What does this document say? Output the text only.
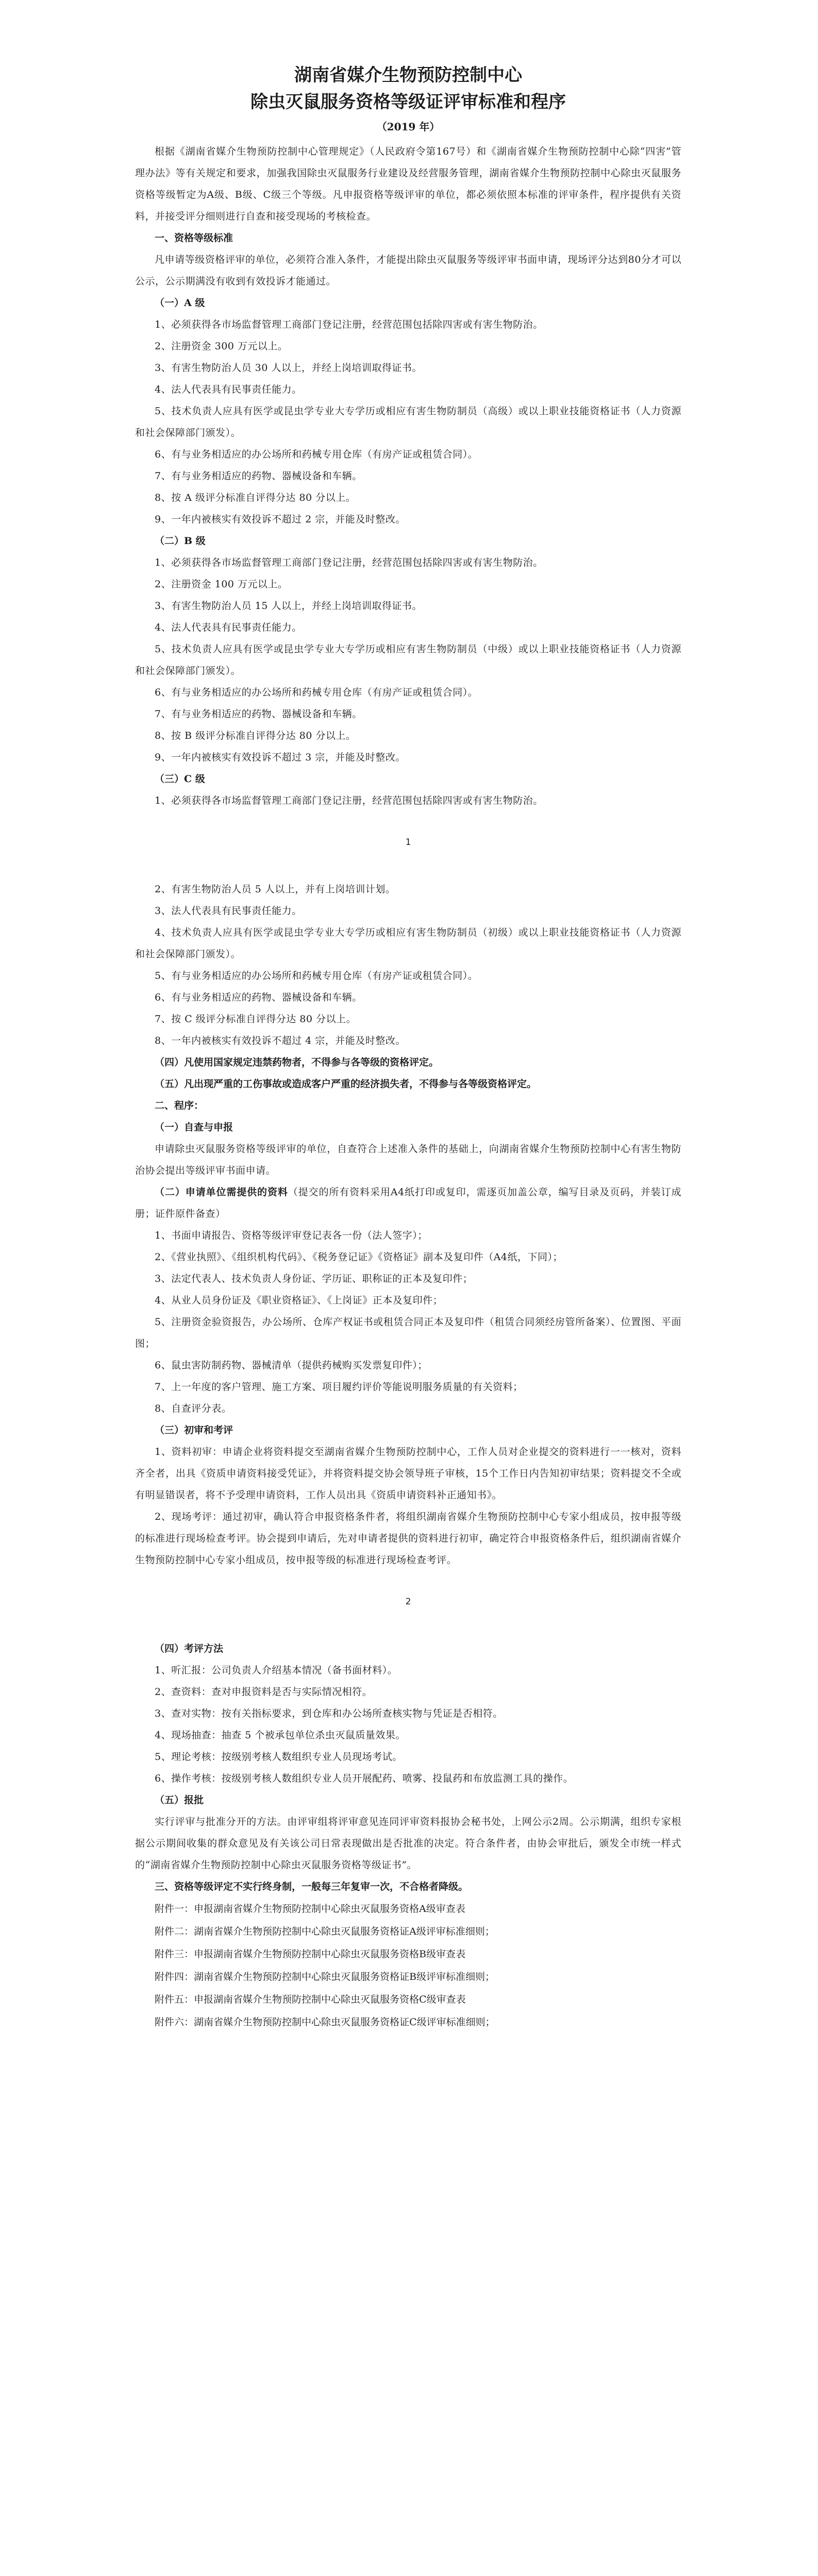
湖南省媒介生物预防控制中心
除虫灭鼠服务资格等级证评审标准和程序
（2019 年）

根据《湖南省媒介生物预防控制中心管理规定》（人民政府令第167号）和《湖南省媒介生物预防控制中心除“四害”管理办法》等有关规定和要求，加强我国除虫灭鼠服务行业建设及经营服务管理，湖南省媒介生物预防控制中心除虫灭鼠服务资格等级暂定为A级、B级、C级三个等级。凡申报资格等级评审的单位，都必须依照本标准的评审条件，程序提供有关资料，并接受评分细则进行自查和接受现场的考核检查。

一、资格等级标准

凡申请等级资格评审的单位，必须符合准入条件，才能提出除虫灭鼠服务等级评审书面申请，现场评分达到80分才可以公示，公示期满没有收到有效投诉才能通过。

（一）A 级

1、必须获得各市场监督管理工商部门登记注册，经营范围包括除四害或有害生物防治。

2、注册资金 300 万元以上。

3、有害生物防治人员 30 人以上，并经上岗培训取得证书。

4、法人代表具有民事责任能力。

5、技术负责人应具有医学或昆虫学专业大专学历或相应有害生物防制员（高级）或以上职业技能资格证书（人力资源和社会保障部门颁发）。

6、有与业务相适应的办公场所和药械专用仓库（有房产证或租赁合同）。

7、有与业务相适应的药物、器械设备和车辆。

8、按 A 级评分标准自评得分达 80 分以上。

9、一年内被核实有效投诉不超过 2 宗，并能及时整改。

（二）B 级

1、必须获得各市场监督管理工商部门登记注册，经营范围包括除四害或有害生物防治。

2、注册资金 100 万元以上。

3、有害生物防治人员 15 人以上，并经上岗培训取得证书。

4、法人代表具有民事责任能力。

5、技术负责人应具有医学或昆虫学专业大专学历或相应有害生物防制员（中级）或以上职业技能资格证书（人力资源和社会保障部门颁发）。

6、有与业务相适应的办公场所和药械专用仓库（有房产证或租赁合同）。

7、有与业务相适应的药物、器械设备和车辆。

8、按 B 级评分标准自评得分达 80 分以上。

9、一年内被核实有效投诉不超过 3 宗，并能及时整改。

（三）C 级

1、必须获得各市场监督管理工商部门登记注册，经营范围包括除四害或有害生物防治。

1

2、有害生物防治人员 5 人以上，并有上岗培训计划。

3、法人代表具有民事责任能力。

4、技术负责人应具有医学或昆虫学专业大专学历或相应有害生物防制员（初级）或以上职业技能资格证书（人力资源和社会保障部门颁发）。

5、有与业务相适应的办公场所和药械专用仓库（有房产证或租赁合同）。

6、有与业务相适应的药物、器械设备和车辆。

7、按 C 级评分标准自评得分达 80 分以上。

8、一年内被核实有效投诉不超过 4 宗，并能及时整改。

（四）凡使用国家规定违禁药物者，不得参与各等级的资格评定。

（五）凡出现严重的工伤事故或造成客户严重的经济损失者，不得参与各等级资格评定。

二、程序：

（一）自查与申报

申请除虫灭鼠服务资格等级评审的单位，自查符合上述准入条件的基础上，向湖南省媒介生物预防控制中心有害生物防治协会提出等级评审书面申请。

（二）申请单位需提供的资料（提交的所有资料采用A4纸打印或复印，需逐页加盖公章，编写目录及页码，并装订成册；证件原件备查）

1、书面申请报告、资格等级评审登记表各一份（法人签字）；

2、《营业执照》、《组织机构代码》、《税务登记证》《资格证》副本及复印件（A4纸，下同）；

3、法定代表人、技术负责人身份证、学历证、职称证的正本及复印件；

4、从业人员身份证及《职业资格证》、《上岗证》正本及复印件；

5、注册资金验资报告，办公场所、仓库产权证书或租赁合同正本及复印件（租赁合同须经房管所备案）、位置图、平面图；

6、鼠虫害防制药物、器械清单（提供药械购买发票复印件）；

7、上一年度的客户管理、施工方案、项目履约评价等能说明服务质量的有关资料；

8、自查评分表。

（三）初审和考评

1、资料初审：申请企业将资料提交至湖南省媒介生物预防控制中心，工作人员对企业提交的资料进行一一核对，资料齐全者，出具《资质申请资料接受凭证》，并将资料提交协会领导班子审核，15个工作日内告知初审结果；资料提交不全或有明显错误者，将不予受理申请资料，工作人员出具《资质申请资料补正通知书》。

2、现场考评：通过初审，确认符合申报资格条件者，将组织湖南省媒介生物预防控制中心专家小组成员，按申报等级的标准进行现场检查考评。协会提到申请后，先对申请者提供的资料进行初审，确定符合申报资格条件后，组织湖南省媒介生物预防控制中心专家小组成员，按申报等级的标准进行现场检查考评。

2

（四）考评方法

1、听汇报：公司负责人介绍基本情况（备书面材料）。

2、查资料：查对申报资料是否与实际情况相符。

3、查对实物：按有关指标要求，到仓库和办公场所查核实物与凭证是否相符。

4、现场抽查：抽查 5 个被承包单位杀虫灭鼠质量效果。

5、理论考核：按级别考核人数组织专业人员现场考试。

6、操作考核：按级别考核人数组织专业人员开展配药、喷雾、投鼠药和布放监测工具的操作。

（五）报批

实行评审与批准分开的方法。由评审组将评审意见连同评审资料报协会秘书处，上网公示2周。公示期满，组织专家根据公示期间收集的群众意见及有关该公司日常表现做出是否批准的决定。符合条件者，由协会审批后，颁发全市统一样式的“湖南省媒介生物预防控制中心除虫灭鼠服务资格等级证书”。

三、资格等级评定不实行终身制，一般每三年复审一次，不合格者降级。

附件一：申报湖南省媒介生物预防控制中心除虫灭鼠服务资格A级审查表

附件二：湖南省媒介生物预防控制中心除虫灭鼠服务资格证A级评审标准细则；

附件三：申报湖南省媒介生物预防控制中心除虫灭鼠服务资格B级审查表

附件四：湖南省媒介生物预防控制中心除虫灭鼠服务资格证B级评审标准细则；

附件五：申报湖南省媒介生物预防控制中心除虫灭鼠服务资格C级审查表

附件六：湖南省媒介生物预防控制中心除虫灭鼠服务资格证C级评审标准细则；
